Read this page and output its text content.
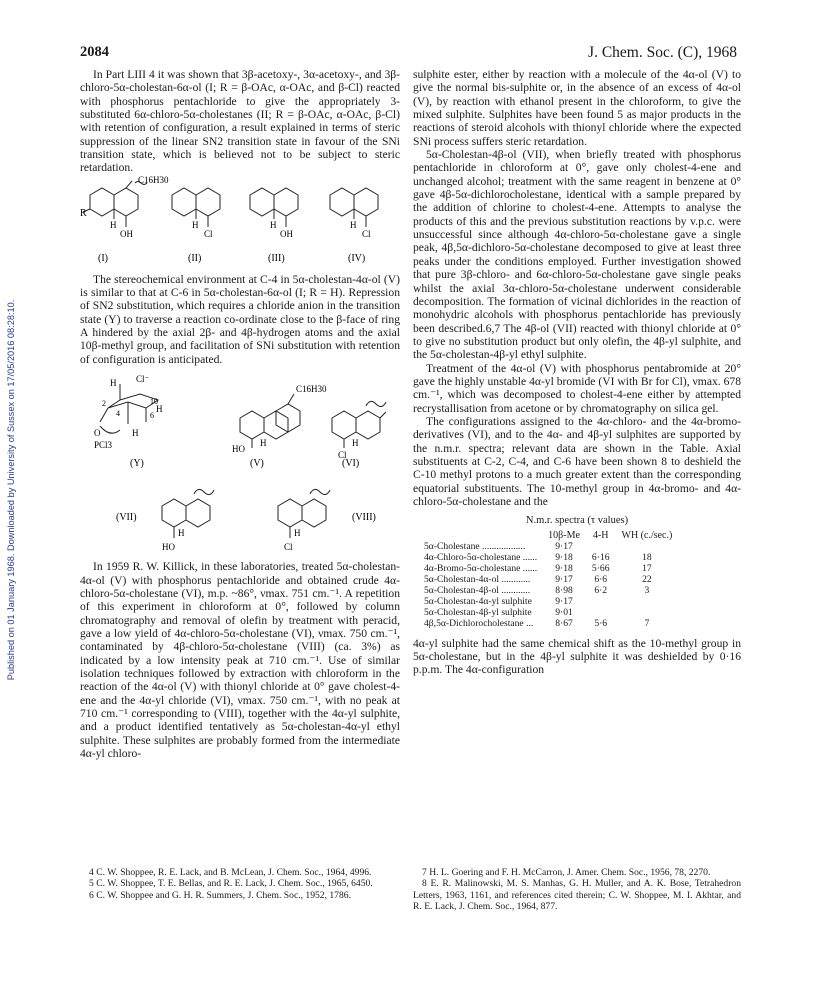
Published on 01 January 1968. Downloaded by University of Sussex on 17/05/2016 08:28:10.
2084	J. Chem. Soc. (C), 1968

In Part LIII 4 it was shown that 3β-acetoxy-, 3α-acetoxy-, and 3β-chloro-5α-cholestan-6α-ol (I; R = β-OAc, α-OAc, and β-Cl) reacted with phosphorus pentachloride to give the appropriately 3-substituted 6α-chloro-5α-cholestanes (II; R = β-OAc, α-OAc, β-Cl) with retention of configuration, a result explained in terms of steric suppression of the linear SN2 transition state in favour of the SNi transition state, which is believed not to be subject to steric retardation.

C16H30
R
H
OH
H
Cl
H
OH
H
Cl
(I)	(II)	(III)	(IV)

The stereochemical environment at C-4 in 5α-cholestan-4α-ol (V) is similar to that at C-6 in 5α-cholestan-6α-ol (I; R = H). Repression of SN2 substitution, which requires a chloride anion in the transition state (Y) to traverse a reaction co-ordinate close to the β-face of ring A hindered by the axial 2β- and 4β-hydrogen atoms and the axial 10β-methyl group, and facilitation of SNi substitution with retention of configuration is anticipated.

Cl⁻
H
2
4
10
6
H
O	H
PCl3
C16H30
HO
H
Cl
H
(Y)	(V)	(VI)
(VII)
H
HO
H
Cl
(VIII)

In 1959 R. W. Killick, in these laboratories, treated 5α-cholestan-4α-ol (V) with phosphorus pentachloride and obtained crude 4α-chloro-5α-cholestane (VI), m.p. ~86°, νmax. 751 cm.⁻¹. A repetition of this experiment in chloroform at 0°, followed by column chromatography and removal of olefin by treatment with peracid, gave a low yield of 4α-chloro-5α-cholestane (VI), νmax. 750 cm.⁻¹, contaminated by 4β-chloro-5α-cholestane (VIII) (ca. 3%) as indicated by a low intensity peak at 710 cm.⁻¹. Use of similar isolation techniques followed by extraction with chloroform in the reaction of the 4α-ol (V) with thionyl chloride at 0° gave cholest-4-ene and the 4α-yl chloride (VI), νmax. 750 cm.⁻¹, with no peak at 710 cm.⁻¹ corresponding to (VIII), together with the 4α-yl sulphite, and a product identified tentatively as 5α-cholestan-4α-yl ethyl sulphite. These sulphites are probably formed from the intermediate 4α-yl chloro-

sulphite ester, either by reaction with a molecule of the 4α-ol (V) to give the normal bis-sulphite or, in the absence of an excess of 4α-ol (V), by reaction with ethanol present in the chloroform, to give the mixed sulphite. Sulphites have been found 5 as major products in the reactions of steroid alcohols with thionyl chloride where the expected SNi process suffers steric retardation.

5α-Cholestan-4β-ol (VII), when briefly treated with phosphorus pentachloride in chloroform at 0°, gave only cholest-4-ene and unchanged alcohol; treatment with the same reagent in benzene at 0° gave 4β-5α-dichlorocholestane, identical with a sample prepared by the addition of chlorine to cholest-4-ene. Attempts to analyse the products of this and the previous substitution reactions by v.p.c. were unsuccessful since although 4α-chloro-5α-cholestane gave a single peak, 4β,5α-dichloro-5α-cholestane decomposed to give at least three peaks under the conditions employed. Further investigation showed that pure 3β-chloro- and 6α-chloro-5α-cholestane gave single peaks whilst the axial 3α-chloro-5α-cholestane underwent considerable decomposition. The formation of vicinal dichlorides in the reaction of monohydric alcohols with phosphorus pentachloride has previously been described.6,7 The 4β-ol (VII) reacted with thionyl chloride at 0° to give no substitution product but only olefin, the 4β-yl sulphite, and the 5α-cholestan-4β-yl ethyl sulphite.

Treatment of the 4α-ol (V) with phosphorus pentabromide at 20° gave the highly unstable 4α-yl bromide (VI with Br for Cl), νmax. 678 cm.⁻¹, which was decomposed to cholest-4-ene either by attempted recrystallisation from acetone or by chromatography on silica gel.

The configurations assigned to the 4α-chloro- and the 4α-bromo-derivatives (VI), and to the 4α- and 4β-yl sulphites are supported by the n.m.r. spectra; relevant data are shown in the Table. Axial substituents at C-2, C-4, and C-6 have been shown 8 to deshield the C-10 methyl protons to a much greater extent than the corresponding equatorial substituents. The 10-methyl group in 4α-bromo- and 4α-chloro-5α-cholestane and the

N.m.r. spectra (τ values)
	10β-Me	4-H	WH (c./sec.)
5α-Cholestane ..................	9·17		
4α-Chloro-5α-cholestane ......	9·18	6·16	18
4α-Bromo-5α-cholestane ......	9·18	5·66	17
5α-Cholestan-4α-ol ............	9·17	6·6	22
5α-Cholestan-4β-ol ............	8·98	6·2	3
5α-Cholestan-4α-yl sulphite	9·17		
5α-Cholestan-4β-yl sulphite	9·01		
4β,5α-Dichlorocholestane ...	8·67	5·6	7

4α-yl sulphite had the same chemical shift as the 10-methyl group in 5α-cholestane, but in the 4β-yl sulphite it was deshielded by 0·16 p.p.m. The 4α-configuration

4 C. W. Shoppee, R. E. Lack, and B. McLean, J. Chem. Soc., 1964, 4996.

5 C. W. Shoppee, T. E. Bellas, and R. E. Lack, J. Chem. Soc., 1965, 6450.

6 C. W. Shoppee and G. H. R. Summers, J. Chem. Soc., 1952, 1786.

7 H. L. Goering and F. H. McCarron, J. Amer. Chem. Soc., 1956, 78, 2270.

8 E. R. Malinowski, M. S. Manhas, G. H. Muller, and A. K. Bose, Tetrahedron Letters, 1963, 1161, and references cited therein; C. W. Shoppee, M. I. Akhtar, and R. E. Lack, J. Chem. Soc., 1964, 877.
